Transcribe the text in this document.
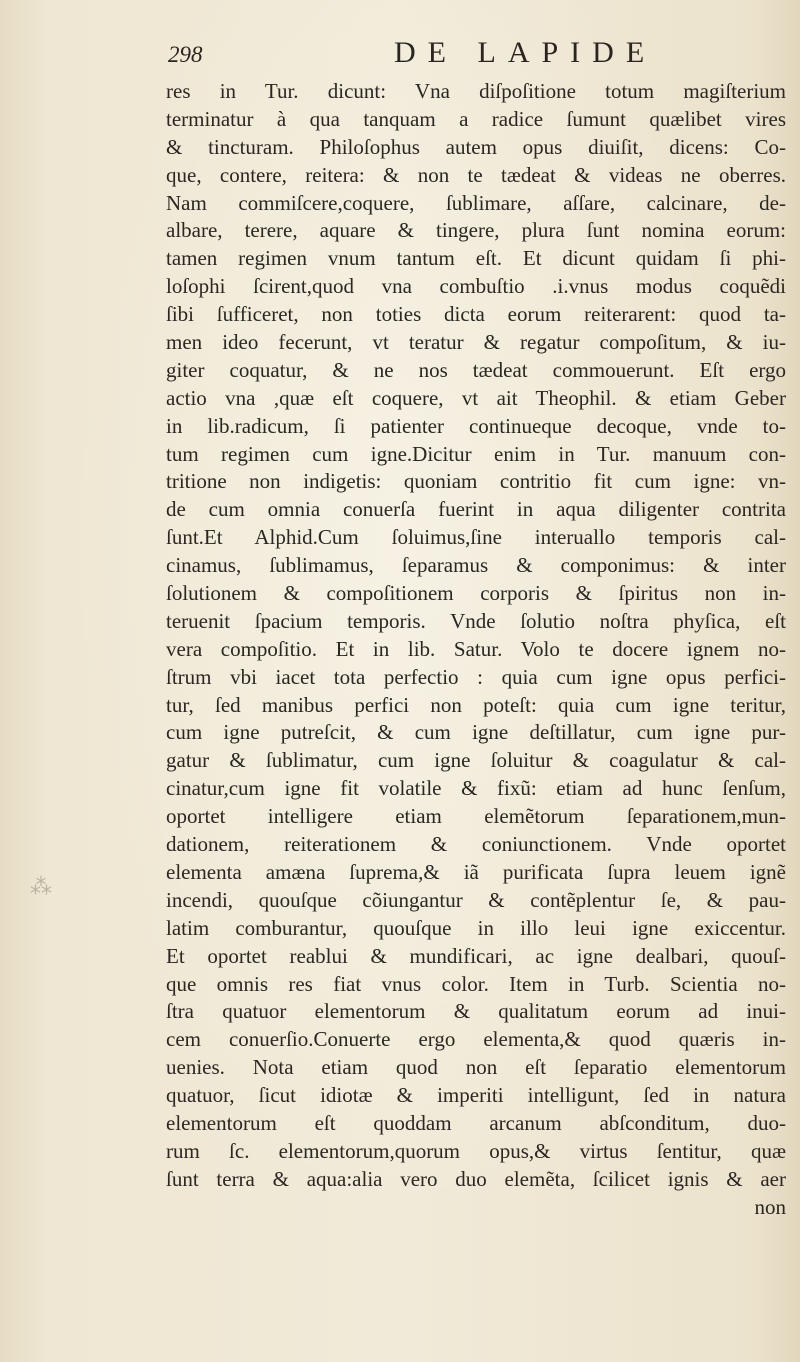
298	DE LAPIDE
res in Tur. dicunt: Vna diſpoſitione totum magiſterium
terminatur à qua tanquam a radice ſumunt quælibet vires
& tincturam. Philoſophus autem opus diuiſit, dicens: Co-
que, contere, reitera: & non te tædeat & videas ne oberres.
Nam commiſcere,coquere, ſublimare, aſſare, calcinare, de-
albare, terere, aquare & tingere, plura ſunt nomina eorum:
tamen regimen vnum tantum eſt. Et dicunt quidam ſi phi-
loſophi ſcirent,quod vna combuſtio .i.vnus modus coquẽdi
ſibi ſufficeret, non toties dicta eorum reiterarent: quod ta-
men ideo fecerunt, vt teratur & regatur compoſitum, & iu-
giter coquatur, & ne nos tædeat commouerunt. Eſt ergo
actio vna ,quæ eſt coquere, vt ait Theophil. & etiam Geber
in lib.radicum, ſi patienter continueque decoque, vnde to-
tum regimen cum igne.Dicitur enim in Tur. manuum con-
tritione non indigetis: quoniam contritio fit cum igne: vn-
de cum omnia conuerſa fuerint in aqua diligenter contrita
ſunt.Et Alphid.Cum ſoluimus,ſine interuallo temporis cal-
cinamus, ſublimamus, ſeparamus & componimus: & inter
ſolutionem & compoſitionem corporis & ſpiritus non in-
teruenit ſpacium temporis. Vnde ſolutio noſtra phyſica, eſt
vera compoſitio. Et in lib. Satur. Volo te docere ignem no-
ſtrum vbi iacet tota perfectio : quia cum igne opus perfici-
tur, ſed manibus perfici non poteſt: quia cum igne teritur,
cum igne putreſcit, & cum igne deſtillatur, cum igne pur-
gatur & ſublimatur, cum igne ſoluitur & coagulatur & cal-
cinatur,cum igne fit volatile & fixũ: etiam ad hunc ſenſum,
oportet intelligere etiam elemẽtorum ſeparationem,mun-
dationem, reiterationem & coniunctionem. Vnde oportet
elementa amæna ſuprema,& iã purificata ſupra leuem ignẽ
incendi, quouſque cõiungantur & contẽplentur ſe, & pau-
latim comburantur, quouſque in illo leui igne exiccentur.
Et oportet reablui & mundificari, ac igne dealbari, quouſ-
que omnis res fiat vnus color. Item in Turb. Scientia no-
ſtra quatuor elementorum & qualitatum eorum ad inui-
cem conuerſio.Conuerte ergo elementa,& quod quæris in-
uenies. Nota etiam quod non eſt ſeparatio elementorum
quatuor, ſicut idiotæ & imperiti intelligunt, ſed in natura
elementorum eſt quoddam arcanum abſconditum, duo-
rum ſc. elementorum,quorum opus,& virtus ſentitur, quæ
ſunt terra & aqua:alia vero duo elemẽta, ſcilicet ignis & aer
non
⁂
